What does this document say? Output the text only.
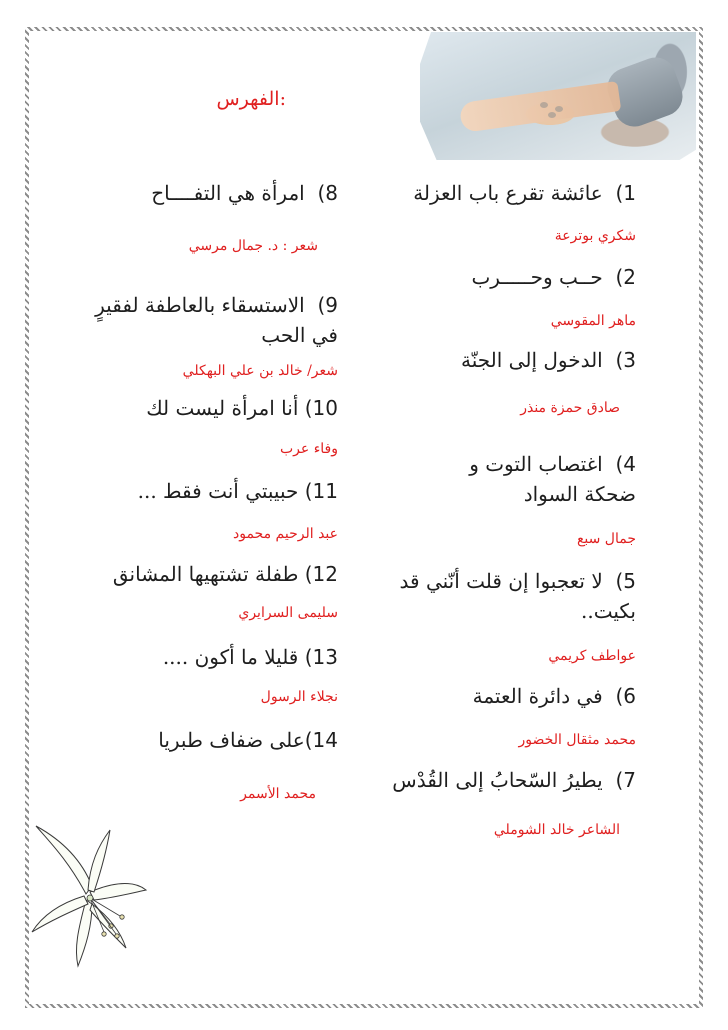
الفهرس:
1)  عائشة تقرع باب العزلة
شكري بوترعة
2)  حــب وحـــــرب
ماهر المقوسي
3)  الدخول إلى الجنّة
صادق حمزة منذر
4)  اغتصاب التوت و
ضحكة السواد
جمال سبع
5)  لا تعجبوا إن قلت أنّني قد
بكيت..
عواطف كريمي
6)  في دائرة العتمة
محمد مثقال الخضور
7)  يطيرُ السّحابُ إلى القُدْس
الشاعر خالد الشوملي
8)  امرأة هي التفــــاح
شعر : د. جمال مرسي
9)  الاستسقاء بالعاطفة لفقيرٍ
في الحب
شعر/ خالد بن علي البهكلي
10) أنا امرأة ليست لك
وفاء عرب
11) حبيبتي أنت فقط ...
عبد الرحيم محمود
12) طفلة تشتهيها المشانق
سليمى السرايري
13) قليلا ما أكون ....
نجلاء الرسول
14)على ضفاف طبريا
محمد الأسمر
